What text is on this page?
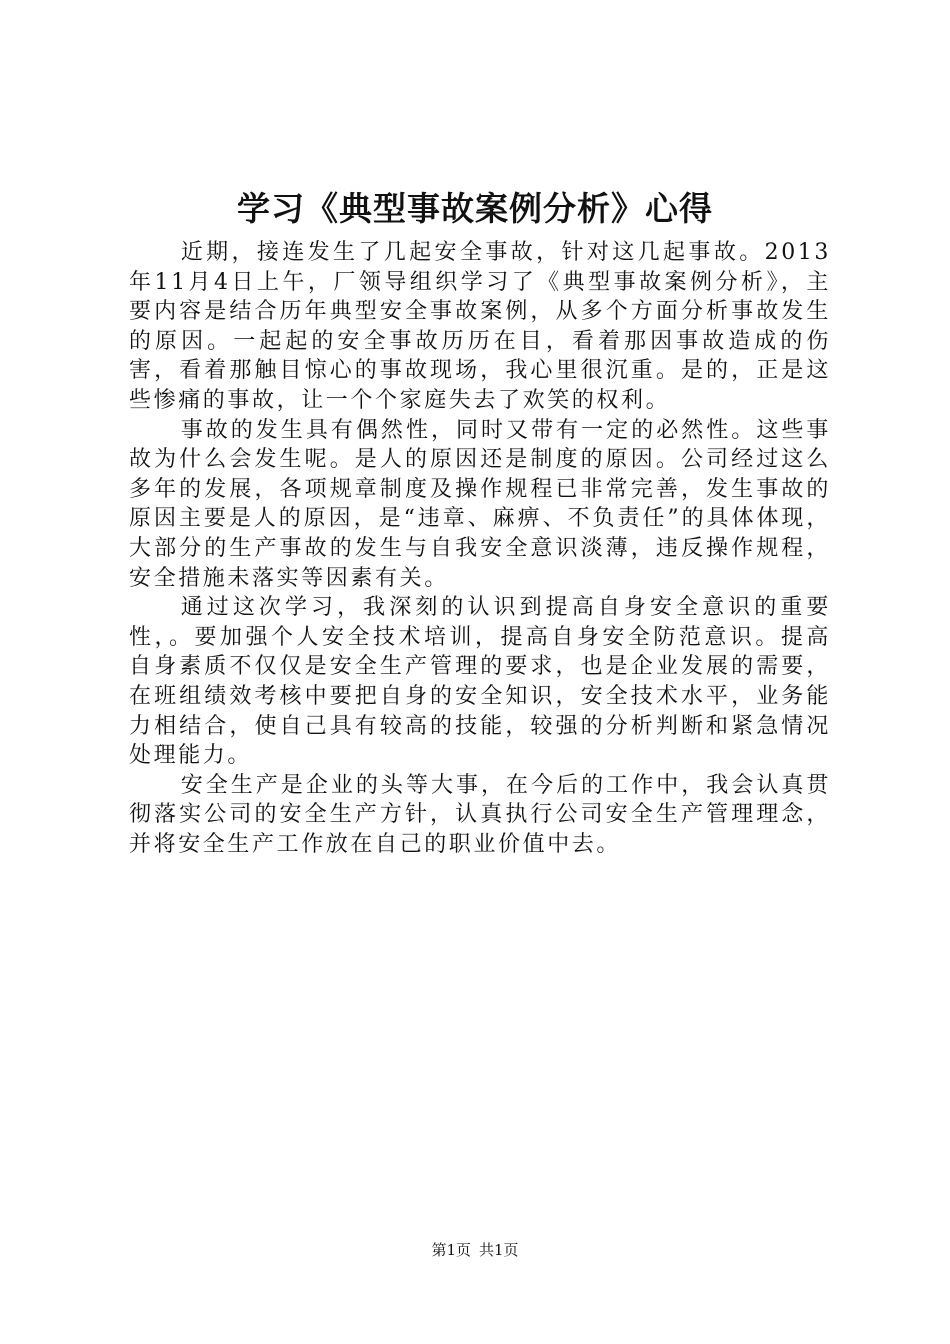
学习《典型事故案例分析》心得

近期，接连发生了几起安全事故，针对这几起事故。2013年11月4日上午，厂领导组织学习了《典型事故案例分析》，主要内容是结合历年典型安全事故案例，从多个方面分析事故发生的原因。一起起的安全事故历历在目，看着那因事故造成的伤害，看着那触目惊心的事故现场，我心里很沉重。是的，正是这些惨痛的事故，让一个个家庭失去了欢笑的权利。

事故的发生具有偶然性，同时又带有一定的必然性。这些事故为什么会发生呢。是人的原因还是制度的原因。公司经过这么多年的发展，各项规章制度及操作规程已非常完善，发生事故的原因主要是人的原因，是“违章、麻痹、不负责任”的具体体现，大部分的生产事故的发生与自我安全意识淡薄，违反操作规程，安全措施未落实等因素有关。

通过这次学习，我深刻的认识到提高自身安全意识的重要性，。要加强个人安全技术培训，提高自身安全防范意识。提高自身素质不仅仅是安全生产管理的要求，也是企业发展的需要，在班组绩效考核中要把自身的安全知识，安全技术水平，业务能力相结合，使自己具有较高的技能，较强的分析判断和紧急情况处理能力。

安全生产是企业的头等大事，在今后的工作中，我会认真贯彻落实公司的安全生产方针，认真执行公司安全生产管理理念，并将安全生产工作放在自己的职业价值中去。

第1页 共1页
